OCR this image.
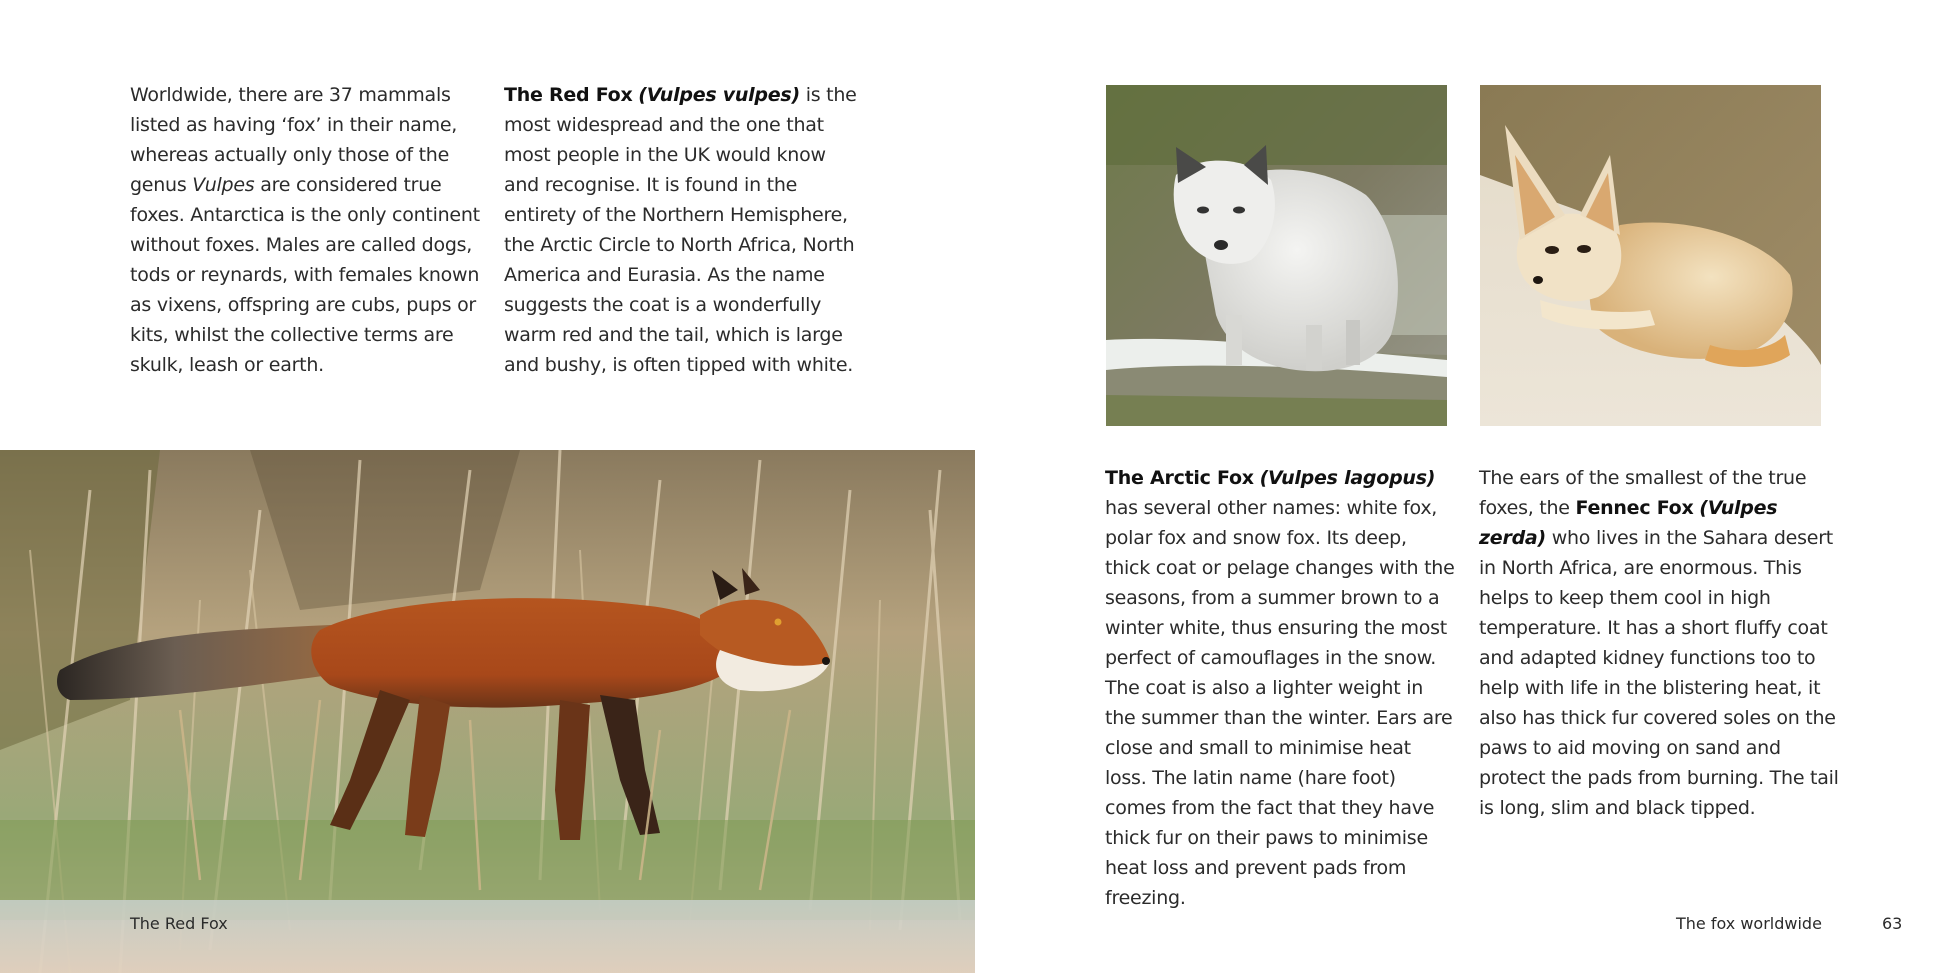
Worldwide, there are 37 mammals listed as having ‘fox’ in their name, whereas actually only those of the genus Vulpes are considered true foxes. Antarctica is the only continent without foxes. Males are called dogs, tods or reynards, with females known as vixens, offspring are cubs, pups or kits, whilst the collective terms are skulk, leash or earth.

The Red Fox (Vulpes vulpes) is the most widespread and the one that most people in the UK would know and recognise. It is found in the entirety of the Northern Hemisphere, the Arctic Circle to North Africa, North America and Eurasia. As the name suggests the coat is a wonderfully warm red and the tail, which is large and bushy, is often tipped with white.

The Arctic Fox (Vulpes lagopus)
has several other names: white fox, polar fox and snow fox. Its deep, thick coat or pelage changes with the seasons, from a summer brown to a winter white, thus ensuring the most perfect of camouflages in the snow. The coat is also a lighter weight in the summer than the winter. Ears are close and small to minimise heat loss. The latin name (hare foot) comes from the fact that they have thick fur on their paws to minimise heat loss and prevent pads from freezing.

The ears of the smallest of the true foxes, the Fennec Fox (Vulpes zerda) who lives in the Sahara desert in North Africa, are enormous. This helps to keep them cool in high temperature. It has a short fluffy coat and adapted kidney functions too to help with life in the blistering heat, it also has thick fur covered soles on the paws to aid moving on sand and protect the pads from burning. The tail is long, slim and black tipped.

The Red Fox	The fox worldwide	63
